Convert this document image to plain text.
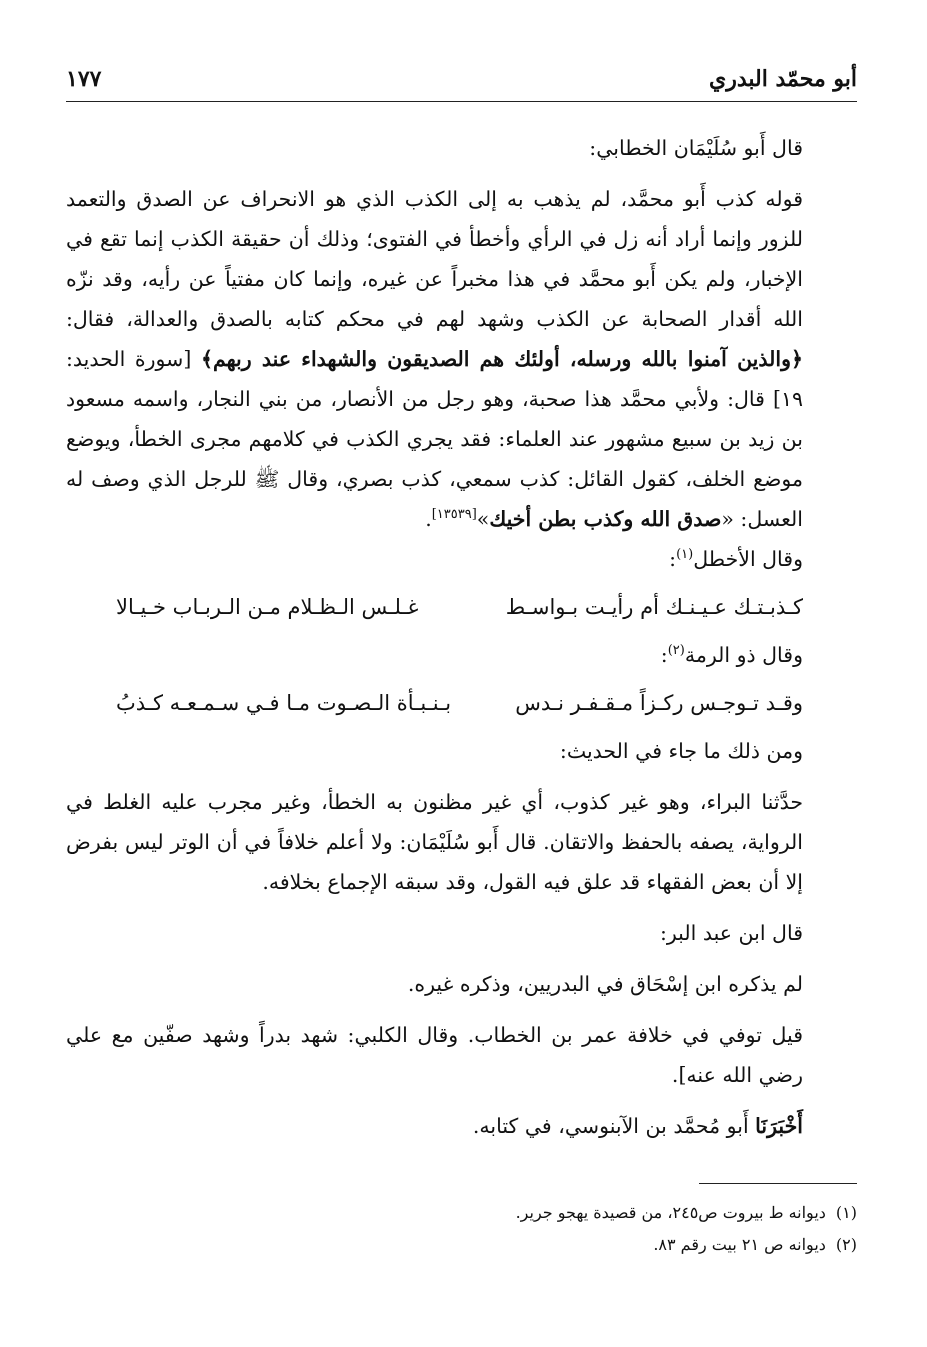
أبو محمّد البدري
١٧٧

قال أَبو سُلَيْمَان الخطابي:

قوله كذب أَبو محمَّد، لم يذهب به إلى الكذب الذي هو الانحراف عن الصدق والتعمد للزور وإنما أراد أنه زل في الرأي وأخطأ في الفتوى؛ وذلك أن حقيقة الكذب إنما تقع في الإخبار، ولم يكن أَبو محمَّد في هذا مخبراً عن غيره، وإنما كان مفتياً عن رأيه، وقد نزّه الله أقدار الصحابة عن الكذب وشهد لهم في محكم كتابه بالصدق والعدالة، فقال: ﴿والذين آمنوا بالله ورسله، أولئك هم الصديقون والشهداء عند ربهم﴾ [سورة الحديد: ١٩] قال: ولأبي محمَّد هذا صحبة، وهو رجل من الأنصار، من بني النجار، واسمه مسعود بن زيد بن سبيع مشهور عند العلماء: فقد يجري الكذب في كلامهم مجرى الخطأ، ويوضع موضع الخلف، كقول القائل: كذب سمعي، كذب بصري، وقال ﷺ للرجل الذي وصف له العسل: «صدق الله وكذب بطن أخيك»[١٣٥٣٩].

وقال الأخطل$^{(١)}$:

كـذبـتـك عـيـنـك أم رأيـت بـواسـط
غـلـس الـظـلام مـن الـربـاب خـيـالا

وقال ذو الرمة$^{(٢)}$:

وقـد تـوجـس ركـزاً مـقـفـر نـدس
بـنـبـأة الـصـوت مـا فـي سـمـعـه كـذبُ

ومن ذلك ما جاء في الحديث:

حدَّثنا البراء، وهو غير كذوب، أي غير مظنون به الخطأ، وغير مجرب عليه الغلط في الرواية، يصفه بالحفظ والاتقان. قال أَبو سُلَيْمَان: ولا أعلم خلافاً في أن الوتر ليس بفرض إلا أن بعض الفقهاء قد علق فيه القول، وقد سبقه الإجماع بخلافه.

قال ابن عبد البر:

لم يذكره ابن إسْحَاق في البدريين، وذكره غيره.

قيل توفي في خلافة عمر بن الخطاب. وقال الكلبي: شهد بدراً وشهد صفّين مع علي رضي الله عنه].

أَخْبَرَنَا أَبو مُحمَّد بن الآبنوسي، في كتابه.

(١)ديوانه ط بيروت ص٢٤٥، من قصيدة يهجو جرير.

(٢)ديوانه ص ٢١ بيت رقم ٨٣.
